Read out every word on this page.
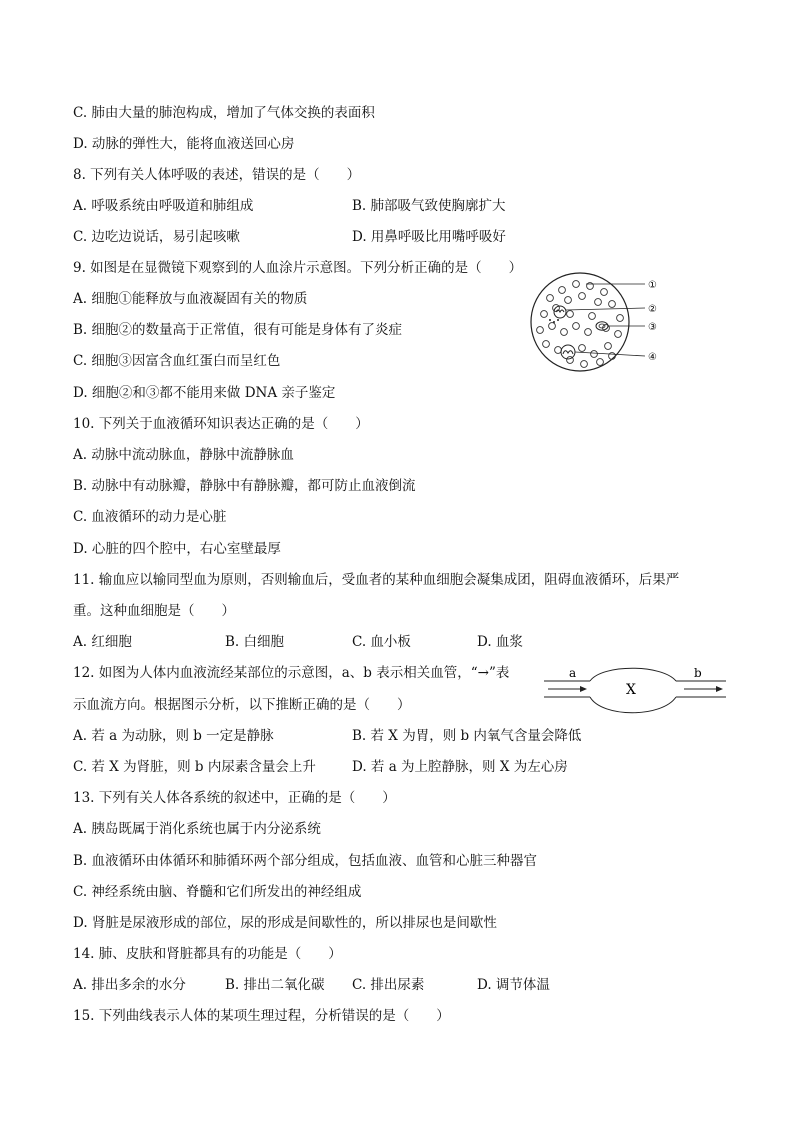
C. 肺由大量的肺泡构成，增加了气体交换的表面积
D. 动脉的弹性大，能将血液送回心房
8. 下列有关人体呼吸的表述，错误的是（　　）
A. 呼吸系统由呼吸道和肺组成	B. 肺部吸气致使胸廓扩大
C. 边吃边说话，易引起咳嗽	D. 用鼻呼吸比用嘴呼吸好
9. 如图是在显微镜下观察到的人血涂片示意图。下列分析正确的是（　　）
A. 细胞①能释放与血液凝固有关的物质
B. 细胞②的数量高于正常值，很有可能是身体有了炎症
C. 细胞③因富含血红蛋白而呈红色
D. 细胞②和③都不能用来做 DNA 亲子鉴定
①
②
③
④
10. 下列关于血液循环知识表达正确的是（　　）
A. 动脉中流动脉血，静脉中流静脉血
B. 动脉中有动脉瓣，静脉中有静脉瓣，都可防止血液倒流
C. 血液循环的动力是心脏
D. 心脏的四个腔中，右心室壁最厚
11. 输血应以输同型血为原则，否则输血后，受血者的某种血细胞会凝集成团，阻碍血液循环，后果严
重。这种血细胞是（　　）
A. 红细胞	B. 白细胞	C. 血小板	D. 血浆
12. 如图为人体内血液流经某部位的示意图，a、b 表示相关血管，“→”表
示血流方向。根据图示分析，以下推断正确的是（　　）
a	b
X
A. 若 a 为动脉，则 b 一定是静脉	B. 若 X 为胃，则 b 内氧气含量会降低
C. 若 X 为肾脏，则 b 内尿素含量会上升	D. 若 a 为上腔静脉，则 X 为左心房
13. 下列有关人体各系统的叙述中，正确的是（　　）
A. 胰岛既属于消化系统也属于内分泌系统
B. 血液循环由体循环和肺循环两个部分组成，包括血液、血管和心脏三种器官
C. 神经系统由脑、脊髓和它们所发出的神经组成
D. 肾脏是尿液形成的部位，尿的形成是间歇性的，所以排尿也是间歇性
14. 肺、皮肤和肾脏都具有的功能是（　　）
A. 排出多余的水分	B. 排出二氧化碳 C. 排出尿素	D. 调节体温
15. 下列曲线表示人体的某项生理过程，分析错误的是（　　）
